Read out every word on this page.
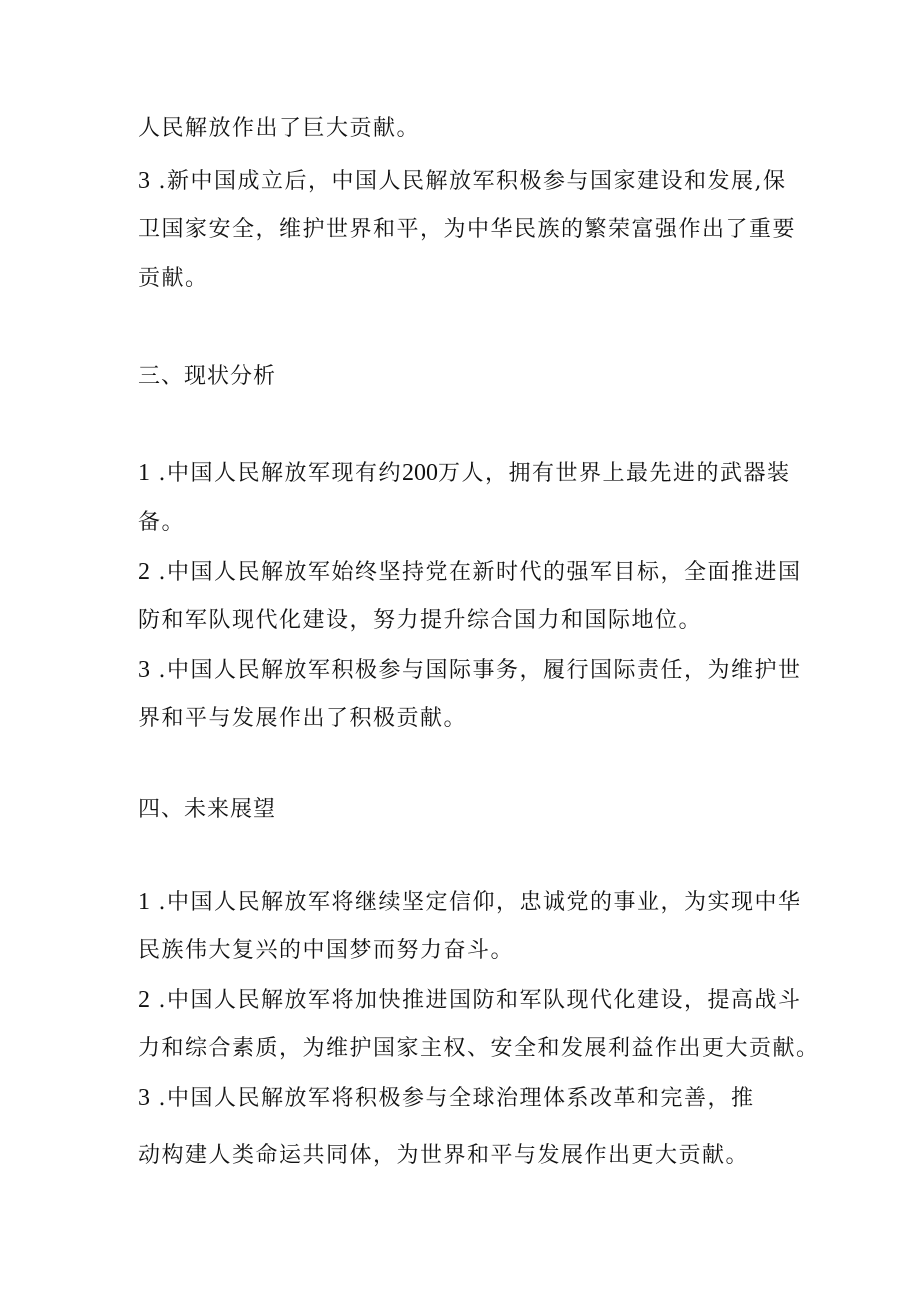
人民解放作出了巨大贡献。
3 .新中国成立后，中国人民解放军积极参与国家建设和发展,保
卫国家安全，维护世界和平，为中华民族的繁荣富强作出了重要
贡献。
三、现状分析
1 .中国人民解放军现有约200万人，拥有世界上最先进的武器装
备。
2 .中国人民解放军始终坚持党在新时代的强军目标，全面推进国
防和军队现代化建设，努力提升综合国力和国际地位。
3 .中国人民解放军积极参与国际事务，履行国际责任，为维护世
界和平与发展作出了积极贡献。
四、未来展望
1 .中国人民解放军将继续坚定信仰，忠诚党的事业，为实现中华
民族伟大复兴的中国梦而努力奋斗。
2 .中国人民解放军将加快推进国防和军队现代化建设，提高战斗
力和综合素质，为维护国家主权、安全和发展利益作出更大贡献。
3 .中国人民解放军将积极参与全球治理体系改革和完善，推
动构建人类命运共同体，为世界和平与发展作出更大贡献。
